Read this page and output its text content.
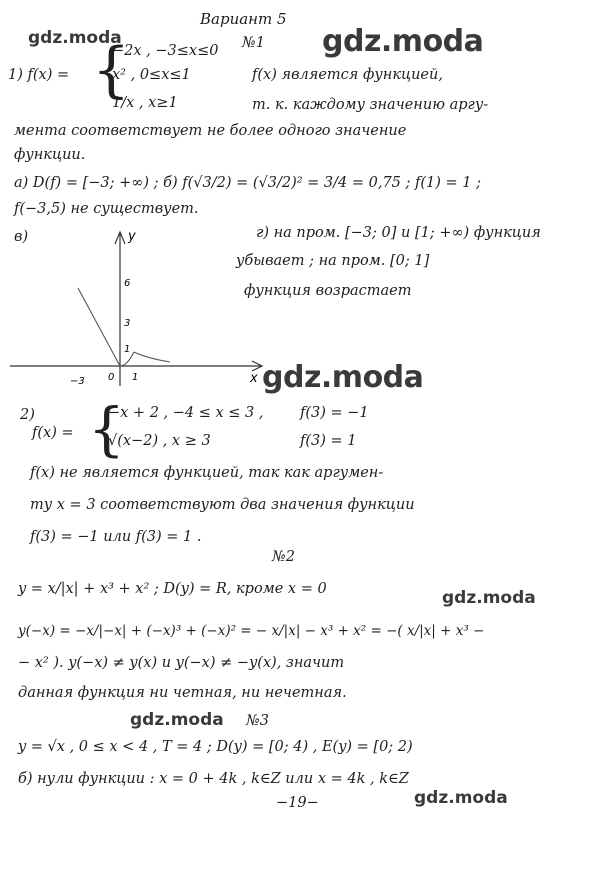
Вариант 5
gdz.moda	№1 gdz.moda
1) f(x) = {
−2x , −3≤x≤0
x² , 0≤x≤1
1/x , x≥1
f(x) является функцией,
т. к. каждому значению аргу-
мента соответствует не более одного значение
функции.
а) D(f) = [−3; +∞) ; б) f(√3/2) = (√3/2)² = 3/4 = 0,75 ; f(1) = 1 ;
f(−3,5) не существует.
в)	г) на пром. [−3; 0] и [1; +∞) функция
убывает ; на пром. [0; 1]
функция возрастает
y
x
6
3
1
−3 0 1	gdz.moda
2)
f(x) = {
−x + 2 , −4 ≤ x ≤ 3 ,
√(x−2) , x ≥ 3
f(3) = −1
f(3) = 1
f(x) не является функцией, так как аргумен-
ту x = 3 соответствуют два значения функции
f(3) = −1 или f(3) = 1 .
№2
y = x/|x| + x³ + x² ; D(y) = R, кроме x = 0	gdz.moda
y(−x) = −x/|−x| + (−x)³ + (−x)² = − x/|x| − x³ + x² = −( x/|x| + x³ −
− x² ). y(−x) ≠ y(x) и y(−x) ≠ −y(x), значит
данная функция ни четная, ни нечетная.
gdz.moda №3
y = √x , 0 ≤ x < 4 , T = 4 ; D(y) = [0; 4) , E(y) = [0; 2)
б) нули функции : x = 0 + 4k , k∈Z или x = 4k , k∈Z
gdz.moda
−19−
